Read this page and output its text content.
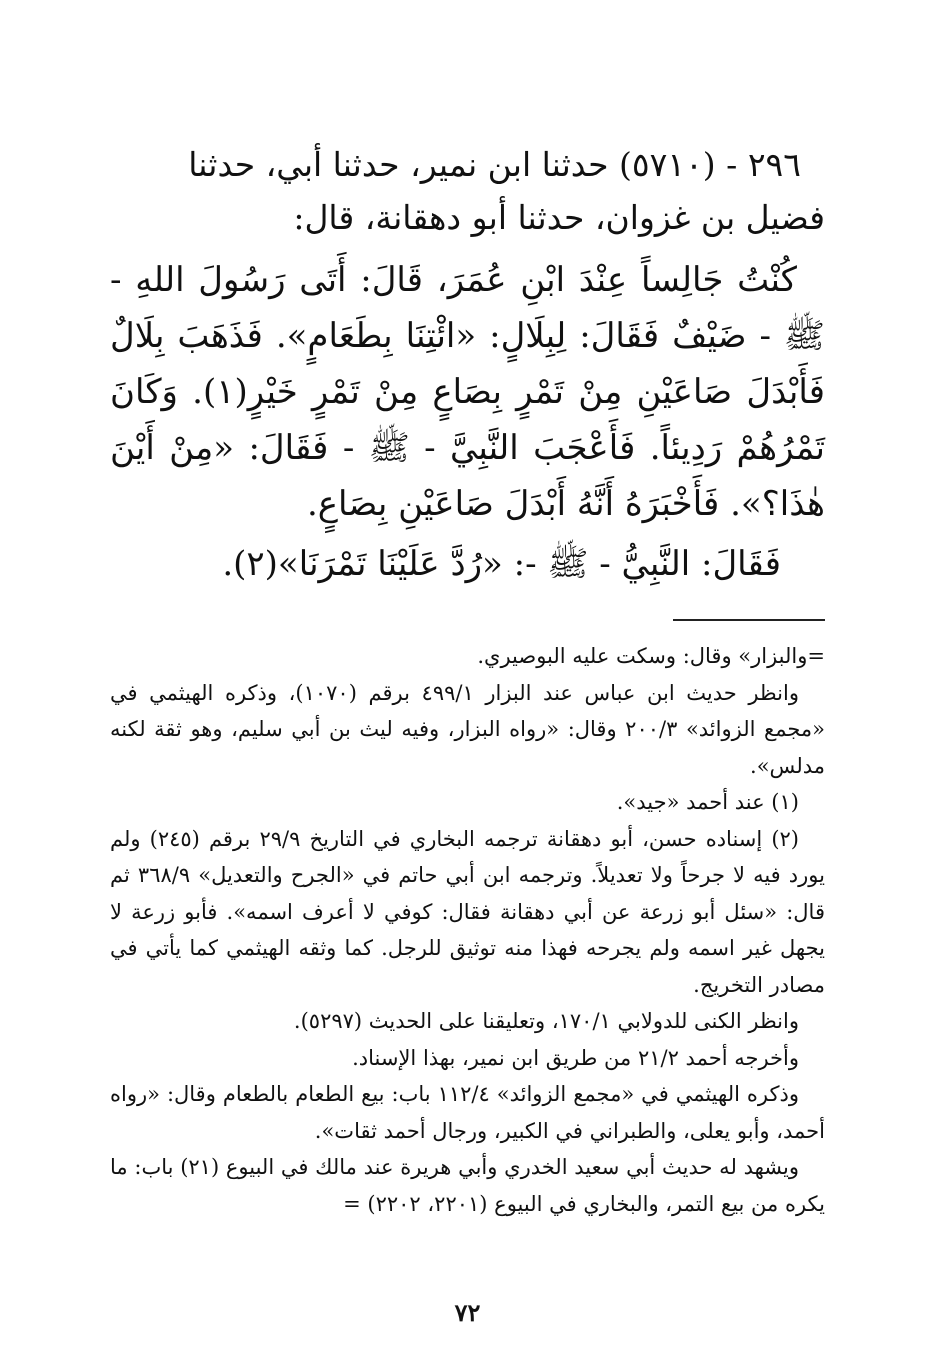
٢٩٦ - (٥٧١٠) حدثنا ابن نمير، حدثنا أبي، حدثنا

فضيل بن غزوان، حدثنا أبو دهقانة، قال:

كُنْتُ جَالِساً عِنْدَ ابْنِ عُمَرَ، قَالَ: أَتَى رَسُولَ اللهِ - ﷺ - ضَيْفٌ فَقَالَ: لِبِلَالٍ: «ائْتِنَا بِطَعَامٍ». فَذَهَبَ بِلَالٌ فَأَبْدَلَ صَاعَيْنِ مِنْ تَمْرٍ بِصَاعٍ مِنْ تَمْرٍ خَيْرٍ(١). وَكَانَ تَمْرُهُمْ رَدِيئاً. فَأَعْجَبَ النَّبِيَّ - ﷺ - فَقَالَ: «مِنْ أَيْنَ هٰذَا؟». فَأَخْبَرَهُ أَنَّهُ أَبْدَلَ صَاعَيْنِ بِصَاعٍ.

فَقَالَ: النَّبِيُّ - ﷺ -: «رُدَّ عَلَيْنَا تَمْرَنَا»(٢).

=والبزار» وقال: وسكت عليه البوصيري.

وانظر حديث ابن عباس عند البزار ٤٩٩/١ برقم (١٠٧٠)، وذكره الهيثمي في «مجمع الزوائد» ٢٠٠/٣ وقال: «رواه البزار، وفيه ليث بن أبي سليم، وهو ثقة لكنه مدلس».

(١) عند أحمد «جيد».

(٢) إسناده حسن، أبو دهقانة ترجمه البخاري في التاريخ ٢٩/٩ برقم (٢٤٥) ولم يورد فيه لا جرحاً ولا تعديلاً. وترجمه ابن أبي حاتم في «الجرح والتعديل» ٣٦٨/٩ ثم قال: «سئل أبو زرعة عن أبي دهقانة فقال: كوفي لا أعرف اسمه». فأبو زرعة لا يجهل غير اسمه ولم يجرحه فهذا منه توثيق للرجل. كما وثقه الهيثمي كما يأتي في مصادر التخريج.

وانظر الكنى للدولابي ١٧٠/١، وتعليقنا على الحديث (٥٢٩٧).

وأخرجه أحمد ٢١/٢ من طريق ابن نمير، بهذا الإسناد.

وذكره الهيثمي في «مجمع الزوائد» ١١٢/٤ باب: بيع الطعام بالطعام وقال: «رواه أحمد، وأبو يعلى، والطبراني في الكبير، ورجال أحمد ثقات».

ويشهد له حديث أبي سعيد الخدري وأبي هريرة عند مالك في البيوع (٢١) باب: ما يكره من بيع التمر، والبخاري في البيوع (٢٢٠١، ٢٢٠٢) =

٧٢
